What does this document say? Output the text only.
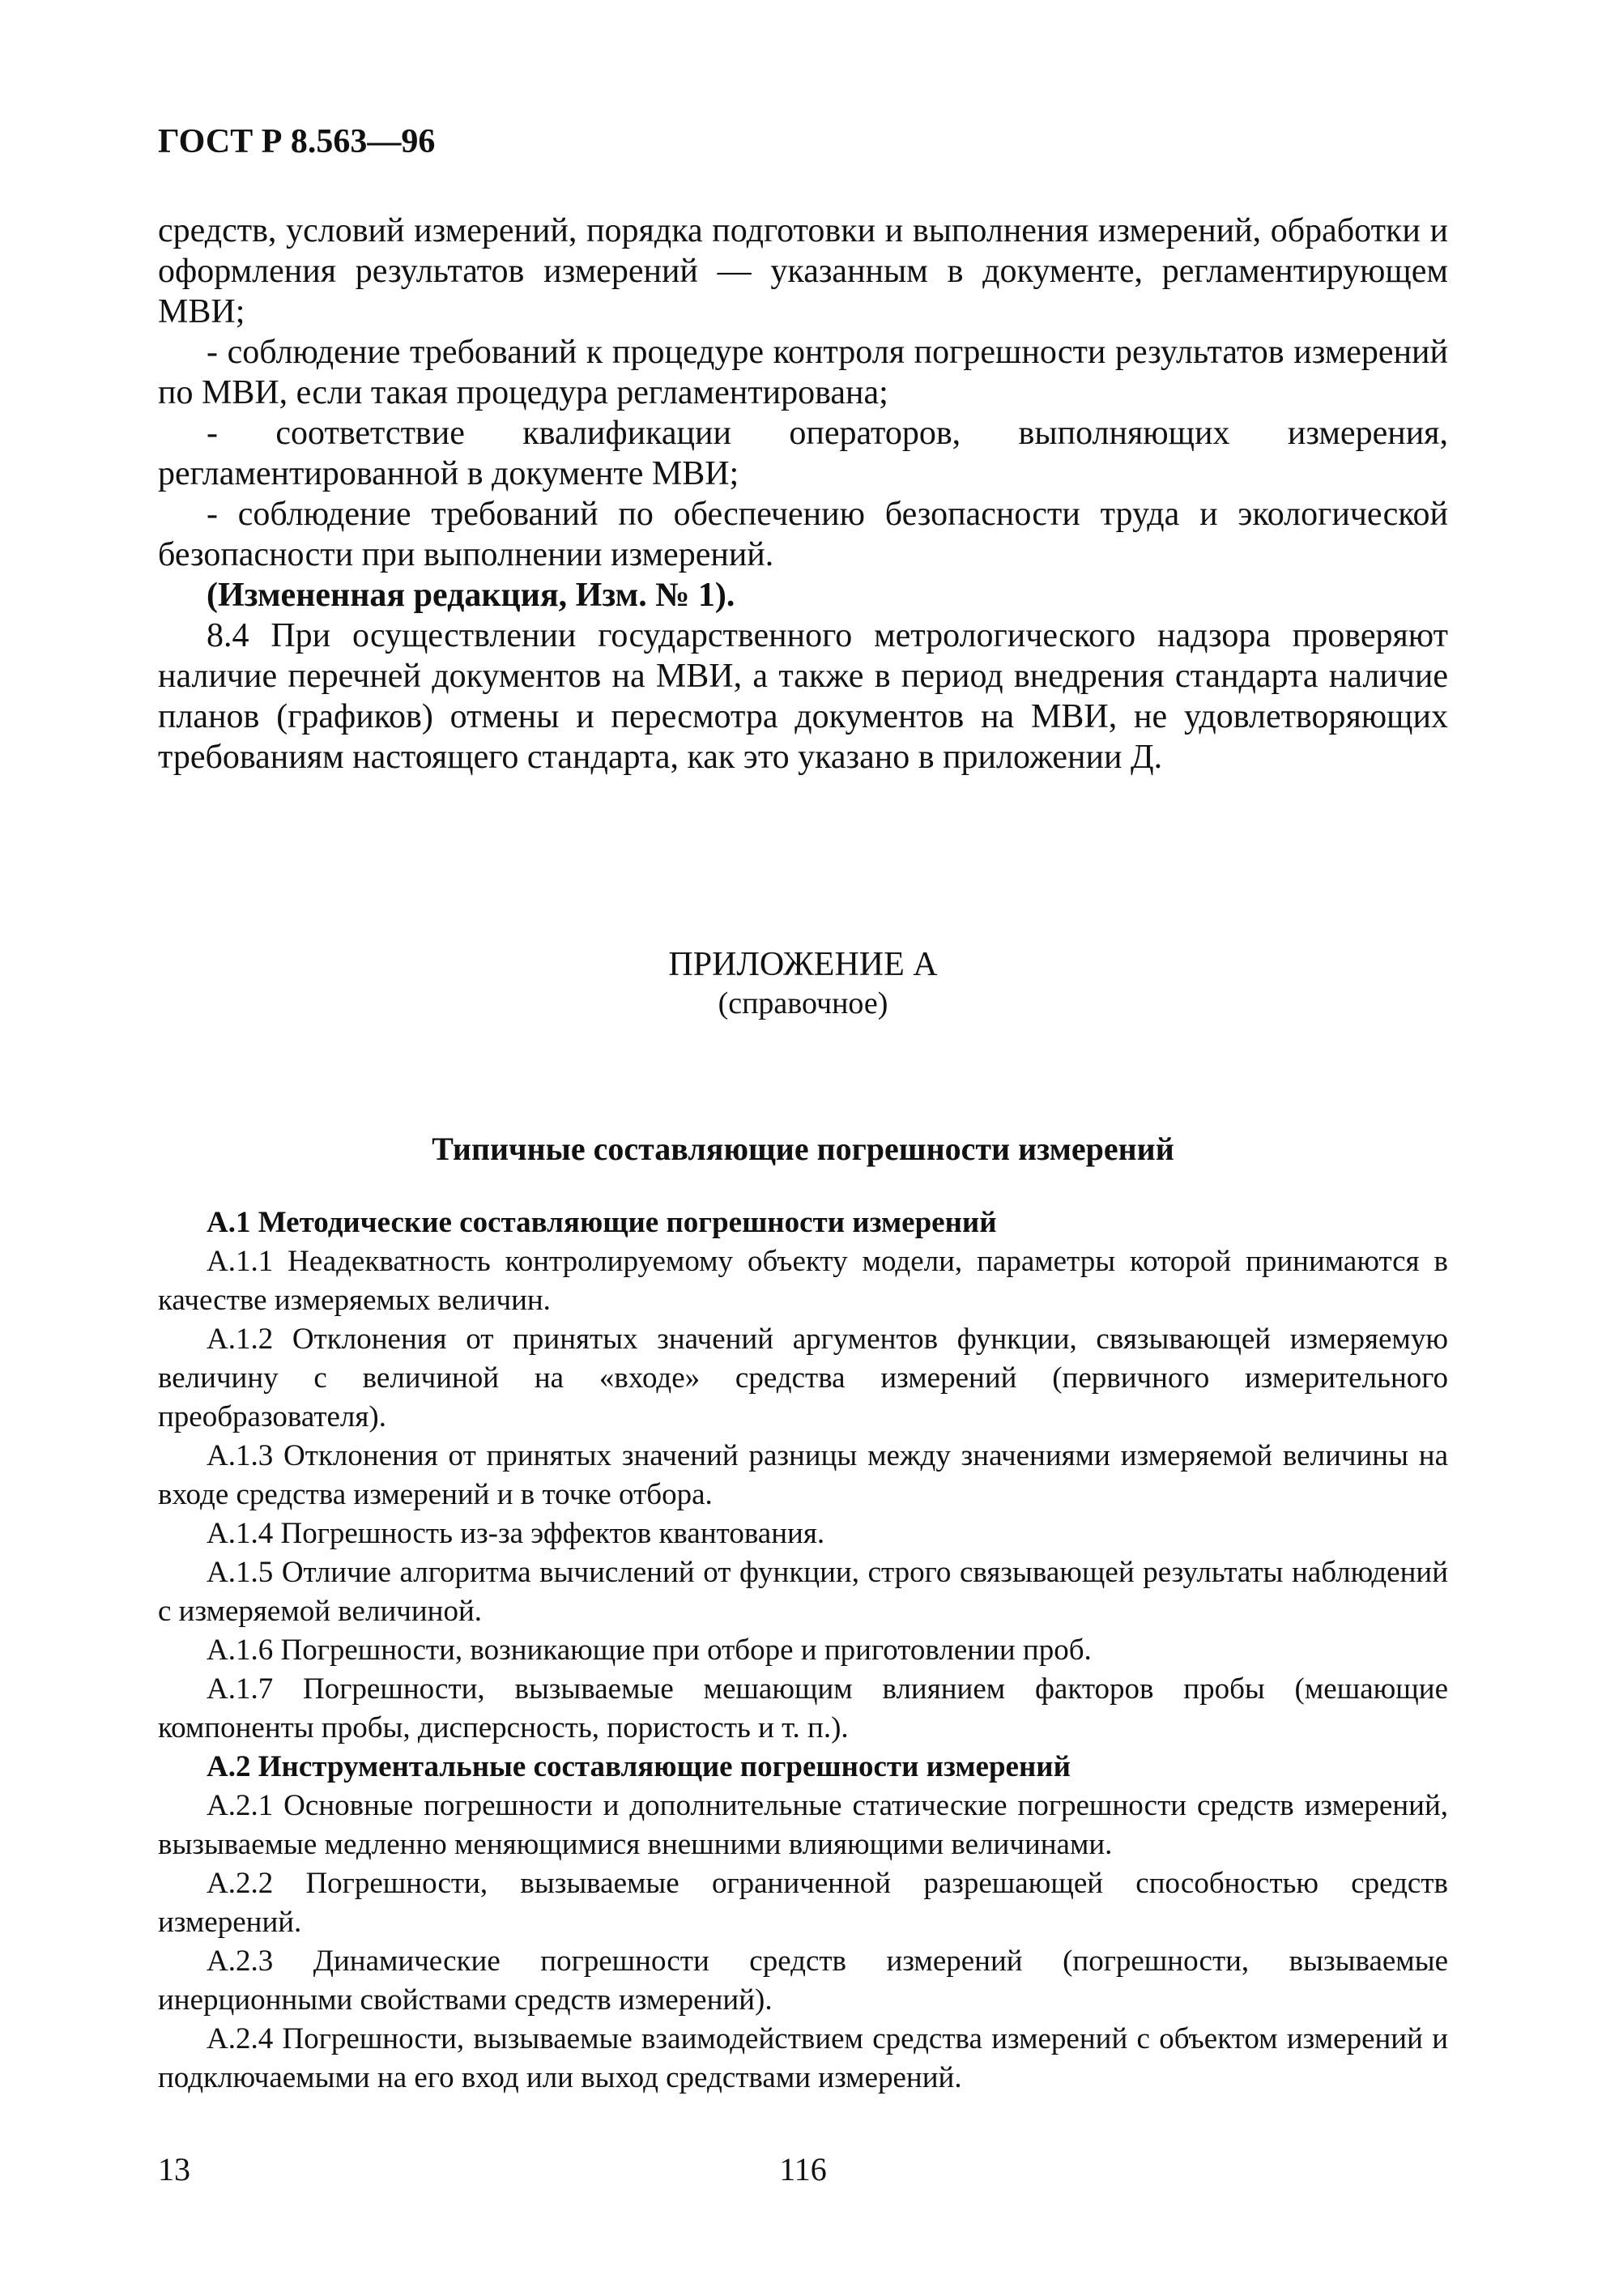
ГОСТ Р 8.563—96

средств, условий измерений, порядка подготовки и выполнения измерений, обработки и оформления результатов измерений — указанным в документе, регламентирующем МВИ;

- соблюдение требований к процедуре контроля погрешности результатов измерений по МВИ, если такая процедура регламентирована;

- соответствие квалификации операторов, выполняющих измерения, регламентированной в документе МВИ;

- соблюдение требований по обеспечению безопасности труда и экологической безопасности при выполнении измерений.

(Измененная редакция, Изм. № 1).

8.4 При осуществлении государственного метрологического надзора проверяют наличие перечней документов на МВИ, а также в период внедрения стандарта наличие планов (графиков) отмены и пересмотра документов на МВИ, не удовлетворяющих требованиям настоящего стандарта, как это указано в приложении Д.

ПРИЛОЖЕНИЕ А

(справочное)

Типичные составляющие погрешности измерений

А.1 Методические составляющие погрешности измерений

А.1.1 Неадекватность контролируемому объекту модели, параметры которой принимаются в качестве измеряемых величин.

А.1.2 Отклонения от принятых значений аргументов функции, связывающей измеряемую величину с величиной на «входе» средства измерений (первичного измерительного преобразователя).

А.1.3 Отклонения от принятых значений разницы между значениями измеряемой величины на входе средства измерений и в точке отбора.

А.1.4 Погрешность из-за эффектов квантования.

А.1.5 Отличие алгоритма вычислений от функции, строго связывающей результаты наблюдений с измеряемой величиной.

А.1.6 Погрешности, возникающие при отборе и приготовлении проб.

А.1.7 Погрешности, вызываемые мешающим влиянием факторов пробы (мешающие компоненты пробы, дисперсность, пористость и т. п.).

А.2 Инструментальные составляющие погрешности измерений

А.2.1 Основные погрешности и дополнительные статические погрешности средств измерений, вызываемые медленно меняющимися внешними влияющими величинами.

А.2.2 Погрешности, вызываемые ограниченной разрешающей способностью средств измерений.

А.2.3 Динамические погрешности средств измерений (погрешности, вызываемые инерционными свойствами средств измерений).

А.2.4 Погрешности, вызываемые взаимодействием средства измерений с объектом измерений и подключаемыми на его вход или выход средствами измерений.

13	116
